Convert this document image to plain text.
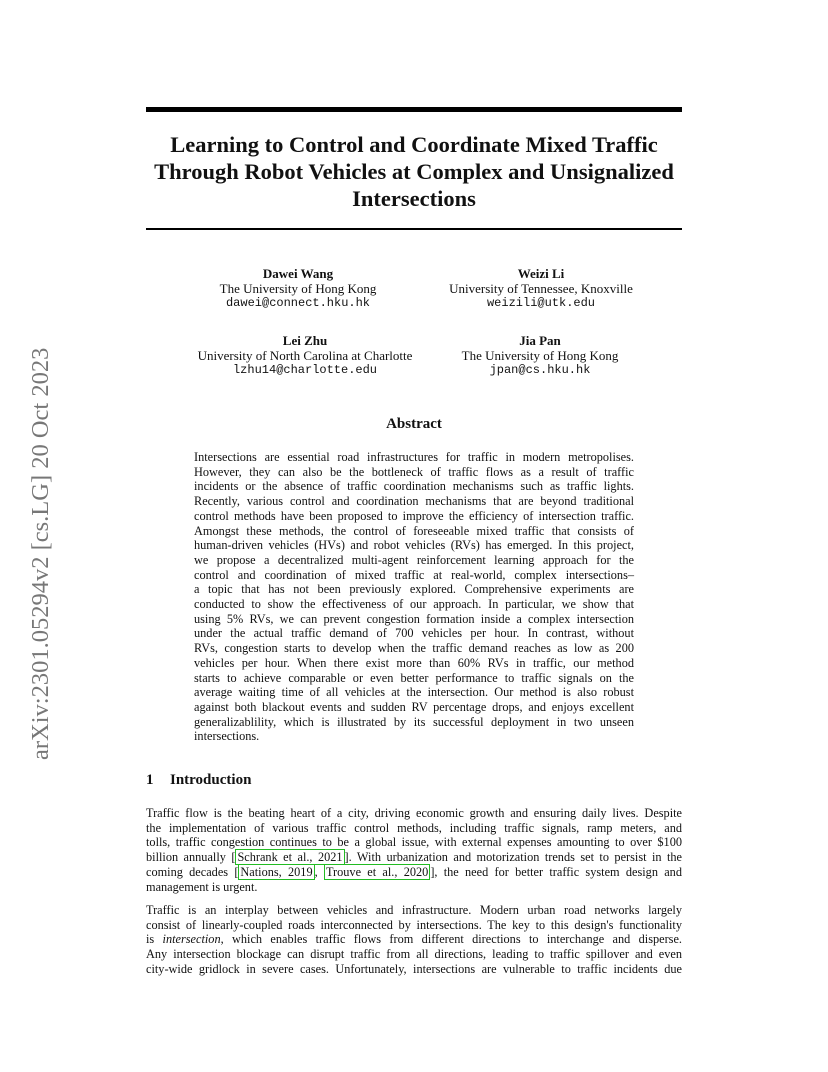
Learning to Control and Coordinate Mixed Traffic
Through Robot Vehicles at Complex and Unsignalized
Intersections
Dawei Wang
The University of Hong Kong
dawei@connect.hku.hk
Weizi Li
University of Tennessee, Knoxville
weizili@utk.edu
Lei Zhu
University of North Carolina at Charlotte
lzhu14@charlotte.edu
Jia Pan
The University of Hong Kong
jpan@cs.hku.hk
Abstract
Intersections are essential road infrastructures for traffic in modern metropolises.
However, they can also be the bottleneck of traffic flows as a result of traffic
incidents or the absence of traffic coordination mechanisms such as traffic lights.
Recently, various control and coordination mechanisms that are beyond traditional
control methods have been proposed to improve the efficiency of intersection traffic.
Amongst these methods, the control of foreseeable mixed traffic that consists of
human-driven vehicles (HVs) and robot vehicles (RVs) has emerged. In this project,
we propose a decentralized multi-agent reinforcement learning approach for the
control and coordination of mixed traffic at real-world, complex intersections–
a topic that has not been previously explored. Comprehensive experiments are
conducted to show the effectiveness of our approach. In particular, we show that
using 5% RVs, we can prevent congestion formation inside a complex intersection
under the actual traffic demand of 700 vehicles per hour. In contrast, without
RVs, congestion starts to develop when the traffic demand reaches as low as 200
vehicles per hour. When there exist more than 60% RVs in traffic, our method
starts to achieve comparable or even better performance to traffic signals on the
average waiting time of all vehicles at the intersection. Our method is also robust
against both blackout events and sudden RV percentage drops, and enjoys excellent
generalizablility, which is illustrated by its successful deployment in two unseen
intersections.
1 Introduction
Traffic flow is the beating heart of a city, driving economic growth and ensuring daily lives. Despite
the implementation of various traffic control methods, including traffic signals, ramp meters, and
tolls, traffic congestion continues to be a global issue, with external expenses amounting to over $100
billion annually [ Schrank et al., 2021 ]. With urbanization and motorization trends set to persist in the
coming decades [ Nations, 2019 , Trouve et al., 2020 ], the need for better traffic system design and
management is urgent.
Traffic is an interplay between vehicles and infrastructure. Modern urban road networks largely
consist of linearly-coupled roads interconnected by intersections. The key to this design's functionality
is intersection, which enables traffic flows from different directions to interchange and disperse.
Any intersection blockage can disrupt traffic from all directions, leading to traffic spillover and even
city-wide gridlock in severe cases. Unfortunately, intersections are vulnerable to traffic incidents due
arXiv:2301.05294v2 [cs.LG] 20 Oct 2023
